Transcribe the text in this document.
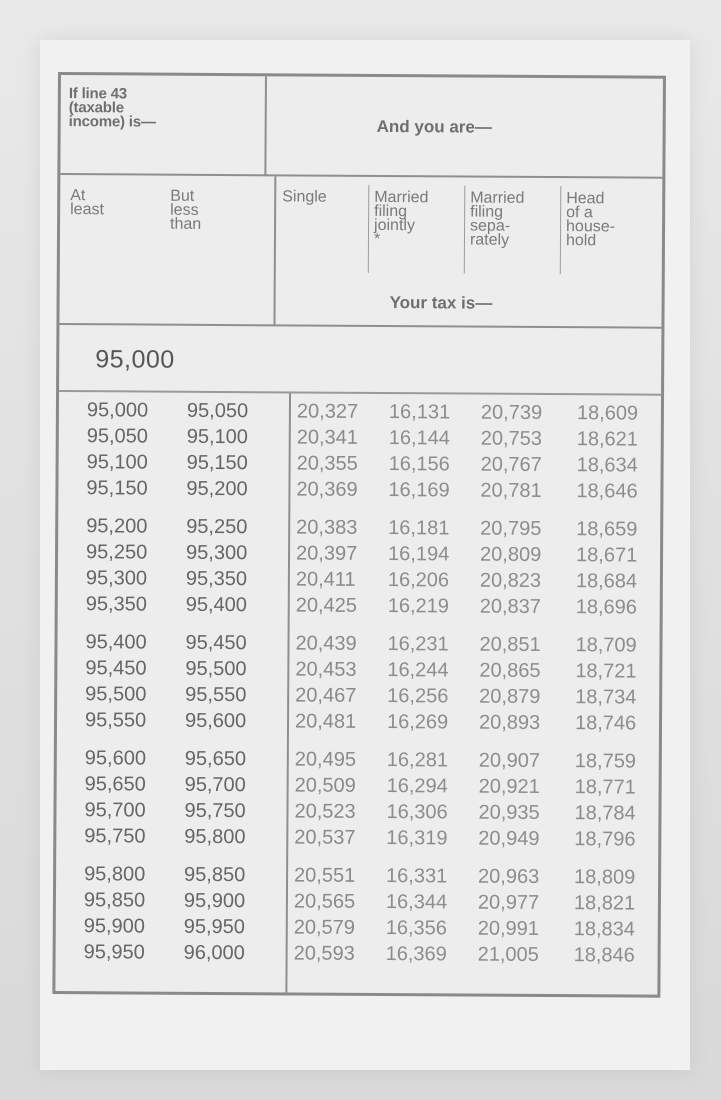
If line 43
(taxable
income) is—	And you are—
At
least
But
less
than
Single	Married
filing
jointly
*
Married
filing
sepa-
rately
Head
of a
house-
hold
Your tax is—
95,000
95,000 95,050 20,327 16,131 20,739 18,609
95,050 95,100 20,341 16,144 20,753 18,621
95,100 95,150 20,355 16,156 20,767 18,634
95,150 95,200 20,369 16,169 20,781 18,646
95,200 95,250 20,383 16,181 20,795 18,659
95,250 95,300 20,397 16,194 20,809 18,671
95,300 95,350 20,411 16,206 20,823 18,684
95,350 95,400 20,425 16,219 20,837 18,696
95,400 95,450 20,439 16,231 20,851 18,709
95,450 95,500 20,453 16,244 20,865 18,721
95,500 95,550 20,467 16,256 20,879 18,734
95,550 95,600 20,481 16,269 20,893 18,746
95,600 95,650 20,495 16,281 20,907 18,759
95,650 95,700 20,509 16,294 20,921 18,771
95,700 95,750 20,523 16,306 20,935 18,784
95,750 95,800 20,537 16,319 20,949 18,796
95,800 95,850 20,551 16,331 20,963 18,809
95,850 95,900 20,565 16,344 20,977 18,821
95,900 95,950 20,579 16,356 20,991 18,834
95,950 96,000 20,593 16,369 21,005 18,846
